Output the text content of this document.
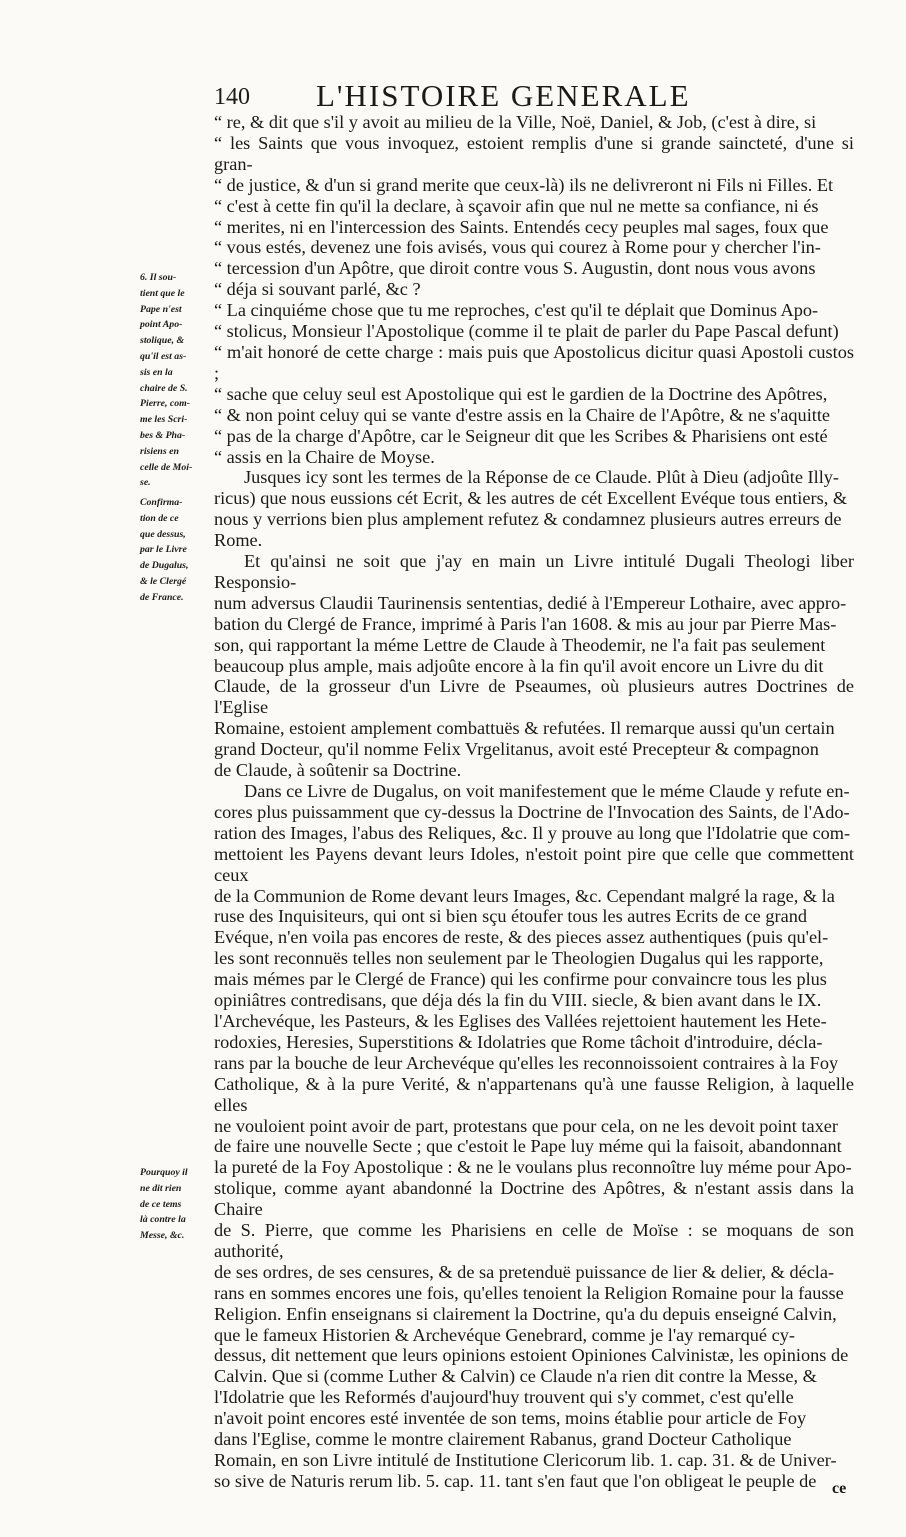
140 L'HISTOIRE GENERALE

“ re, & dit que s'il y avoit au milieu de la Ville, Noë, Daniel, & Job, (c'est à dire, si

“ les Saints que vous invoquez, estoient remplis d'une si grande saincteté, d'une si gran-

“ de justice, & d'un si grand merite que ceux-là) ils ne delivreront ni Fils ni Filles. Et

“ c'est à cette fin qu'il la declare, à sçavoir afin que nul ne mette sa confiance, ni és

“ merites, ni en l'intercession des Saints. Entendés cecy peuples mal sages, foux que

“ vous estés, devenez une fois avisés, vous qui courez à Rome pour y chercher l'in-

“ tercession d'un Apôtre, que diroit contre vous S. Augustin, dont nous vous avons

“ déja si souvant parlé, &c ?

“ La cinquiéme chose que tu me reproches, c'est qu'il te déplait que Dominus Apo-

“ stolicus, Monsieur l'Apostolique (comme il te plait de parler du Pape Pascal defunt)

“ m'ait honoré de cette charge : mais puis que Apostolicus dicitur quasi Apostoli custos ;

“ sache que celuy seul est Apostolique qui est le gardien de la Doctrine des Apôtres,

“ & non point celuy qui se vante d'estre assis en la Chaire de l'Apôtre, & ne s'aquitte

“ pas de la charge d'Apôtre, car le Seigneur dit que les Scribes & Pharisiens ont esté

“ assis en la Chaire de Moyse.

Jusques icy sont les termes de la Réponse de ce Claude. Plût à Dieu (adjoûte Illy-

ricus) que nous eussions cét Ecrit, & les autres de cét Excellent Evéque tous entiers, &

nous y verrions bien plus amplement refutez & condamnez plusieurs autres erreurs de

Rome.

Et qu'ainsi ne soit que j'ay en main un Livre intitulé Dugali Theologi liber Responsio-

num adversus Claudii Taurinensis sententias, dedié à l'Empereur Lothaire, avec appro-

bation du Clergé de France, imprimé à Paris l'an 1608. & mis au jour par Pierre Mas-

son, qui rapportant la méme Lettre de Claude à Theodemir, ne l'a fait pas seulement

beaucoup plus ample, mais adjoûte encore à la fin qu'il avoit encore un Livre du dit

Claude, de la grosseur d'un Livre de Pseaumes, où plusieurs autres Doctrines de l'Eglise

Romaine, estoient amplement combattuës & refutées. Il remarque aussi qu'un certain

grand Docteur, qu'il nomme Felix Vrgelitanus, avoit esté Precepteur & compagnon

de Claude, à soûtenir sa Doctrine.

Dans ce Livre de Dugalus, on voit manifestement que le méme Claude y refute en-

cores plus puissamment que cy-dessus la Doctrine de l'Invocation des Saints, de l'Ado-

ration des Images, l'abus des Reliques, &c. Il y prouve au long que l'Idolatrie que com-

mettoient les Payens devant leurs Idoles, n'estoit point pire que celle que commettent ceux

de la Communion de Rome devant leurs Images, &c. Cependant malgré la rage, & la

ruse des Inquisiteurs, qui ont si bien sçu étoufer tous les autres Ecrits de ce grand

Evéque, n'en voila pas encores de reste, & des pieces assez authentiques (puis qu'el-

les sont reconnuës telles non seulement par le Theologien Dugalus qui les rapporte,

mais mémes par le Clergé de France) qui les confirme pour convaincre tous les plus

opiniâtres contredisans, que déja dés la fin du VIII. siecle, & bien avant dans le IX.

l'Archevéque, les Pasteurs, & les Eglises des Vallées rejettoient hautement les Hete-

rodoxies, Heresies, Superstitions & Idolatries que Rome tâchoit d'introduire, décla-

rans par la bouche de leur Archevéque qu'elles les reconnoissoient contraires à la Foy

Catholique, & à la pure Verité, & n'appartenans qu'à une fausse Religion, à laquelle elles

ne vouloient point avoir de part, protestans que pour cela, on ne les devoit point taxer

de faire une nouvelle Secte ; que c'estoit le Pape luy méme qui la faisoit, abandonnant

la pureté de la Foy Apostolique : & ne le voulans plus reconnoître luy méme pour Apo-

stolique, comme ayant abandonné la Doctrine des Apôtres, & n'estant assis dans la Chaire

de S. Pierre, que comme les Pharisiens en celle de Moïse : se moquans de son authorité,

de ses ordres, de ses censures, & de sa pretenduë puissance de lier & delier, & décla-

rans en sommes encores une fois, qu'elles tenoient la Religion Romaine pour la fausse

Religion. Enfin enseignans si clairement la Doctrine, qu'a du depuis enseigné Calvin,

que le fameux Historien & Archevéque Genebrard, comme je l'ay remarqué cy-

dessus, dit nettement que leurs opinions estoient Opiniones Calvinistæ, les opinions de

Calvin. Que si (comme Luther & Calvin) ce Claude n'a rien dit contre la Messe, &

l'Idolatrie que les Reformés d'aujourd'huy trouvent qui s'y commet, c'est qu'elle

n'avoit point encores esté inventée de son tems, moins établie pour article de Foy

dans l'Eglise, comme le montre clairement Rabanus, grand Docteur Catholique

Romain, en son Livre intitulé de Institutione Clericorum lib. 1. cap. 31. & de Univer-

so sive de Naturis rerum lib. 5. cap. 11. tant s'en faut que l'on obligeat le peuple de

6. Il sou-
tient que le
Pape n'est
point Apo-
stolique, &
qu'il est as-
sis en la
chaire de S.
Pierre, com-
me les Scri-
bes & Pha-
risiens en
celle de Moi-
se.
Confirma-
tion de ce
que dessus,
par le Livre
de Dugalus,
& le Clergé
de France.
Pourquoy il
ne dit rien
de ce tems
là contre la
Messe, &c.
ce
